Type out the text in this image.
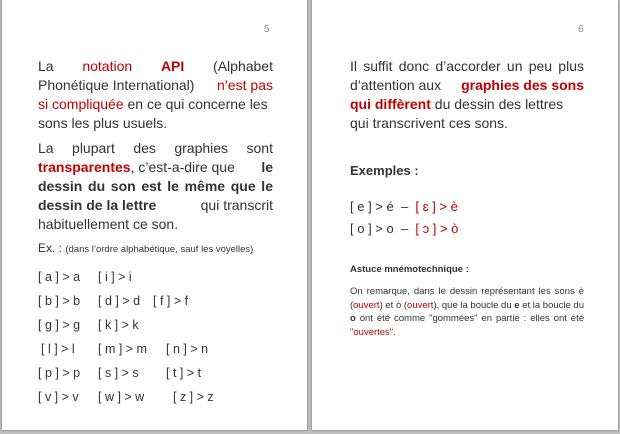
5

La notation API (Alphabet
Phonétique International) n’est pas
si compliquée en ce qui concerne les
sons les plus usuels.

La plupart des graphies sont
transparentes, c’est-a-dire que le
dessin du son est le même que le
dessin de la lettre	qui transcrit
habituellement ce son.

Ex. : (dans l’ordre alphabétique, sauf les voyelles)
[ a ] > a [ i ] > i
[ b ] > b [ d ] > d [ f ] > f
[ g ] > g [ k ] > k
[ l ] > l [ m ] > m [ n ] > n
[ p ] > p [ s ] > s [ t ] > t
[ v ] > v [ w ] > w [ z ] > z
6

Il suffit donc d’accorder un peu plus
d’attention aux graphies des sons
qui diffèrent du dessin des lettres
qui transcrivent ces sons.

Exemples :
[ e ] > é  –  [ ɛ ] > è
[ o ] > o  –  [ ɔ ] > ò
Astuce mnémotechnique :

On remarque, dans le dessin représentant les sons è (ouvert) et ò (ouvert), que la boucle du e et la boucle du o ont été comme "gommées" en partie : elles ont été "ouvertes".
